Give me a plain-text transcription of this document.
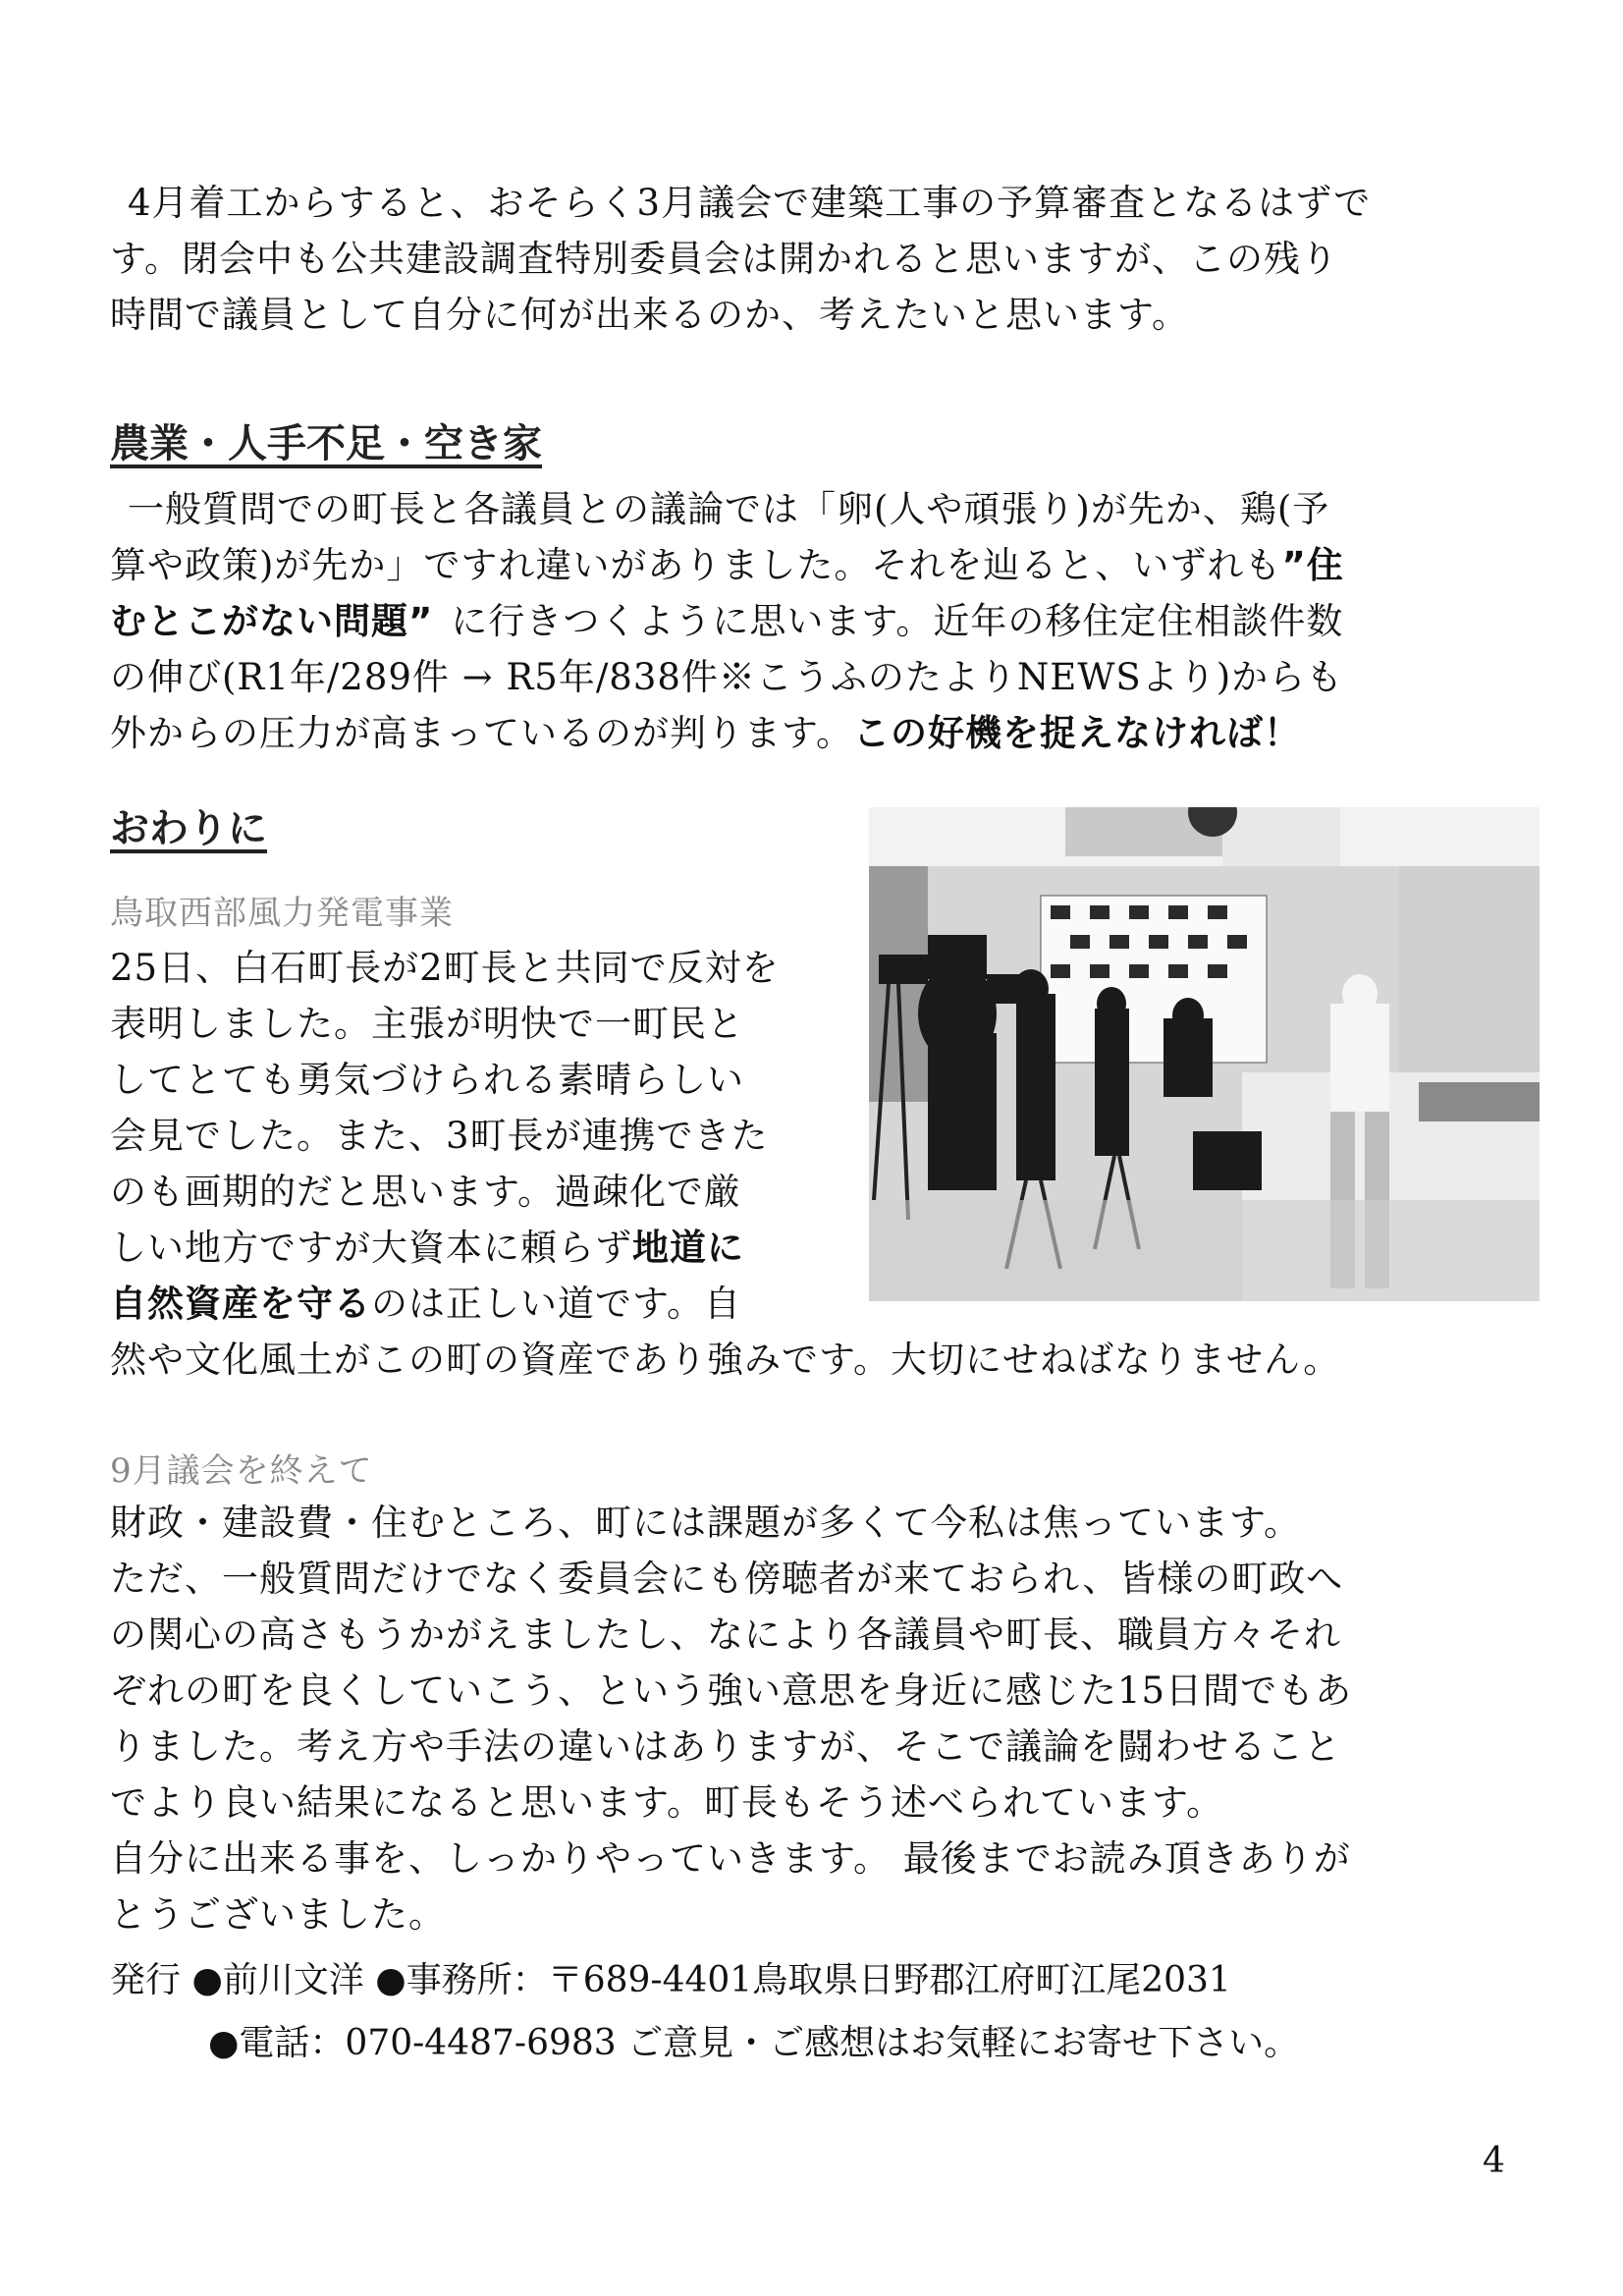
4月着工からすると、おそらく3月議会で建築工事の予算審査となるはずで
す。閉会中も公共建設調査特別委員会は開かれると思いますが、この残り
時間で議員として自分に何が出来るのか、考えたいと思います。

農業・人手不足・空き家

一般質問での町長と各議員との議論では「卵(人や頑張り)が先か、鶏(予
算や政策)が先か」ですれ違いがありました。それを辿ると、いずれも”住
むとこがない問題” に行きつくように思います。近年の移住定住相談件数
の伸び(R1年/289件 → R5年/838件※こうふのたよりNEWSより)からも
外からの圧力が高まっているのが判ります。この好機を捉えなければ！

おわりに

鳥取西部風力発電事業

25日、白石町長が2町長と共同で反対を
表明しました。主張が明快で一町民と
してとても勇気づけられる素晴らしい
会見でした。また、3町長が連携できた
のも画期的だと思います。過疎化で厳
しい地方ですが大資本に頼らず地道に
自然資産を守るのは正しい道です。自
然や文化風土がこの町の資産であり強みです。大切にせねばなりません。

9月議会を終えて

財政・建設費・住むところ、町には課題が多くて今私は焦っています。
ただ、一般質問だけでなく委員会にも傍聴者が来ておられ、皆様の町政へ
の関心の高さもうかがえましたし、なにより各議員や町長、職員方々それ
ぞれの町を良くしていこう、という強い意思を身近に感じた15日間でもあ
りました。考え方や手法の違いはありますが、そこで議論を闘わせること
でより良い結果になると思います。町長もそう述べられています。
自分に出来る事を、しっかりやっていきます。 最後までお読み頂きありが
とうございました。

発行 ●前川文洋 ●事務所：〒689-4401鳥取県日野郡江府町江尾2031
●電話：070-4487-6983 ご意見・ご感想はお気軽にお寄せ下さい。

4
